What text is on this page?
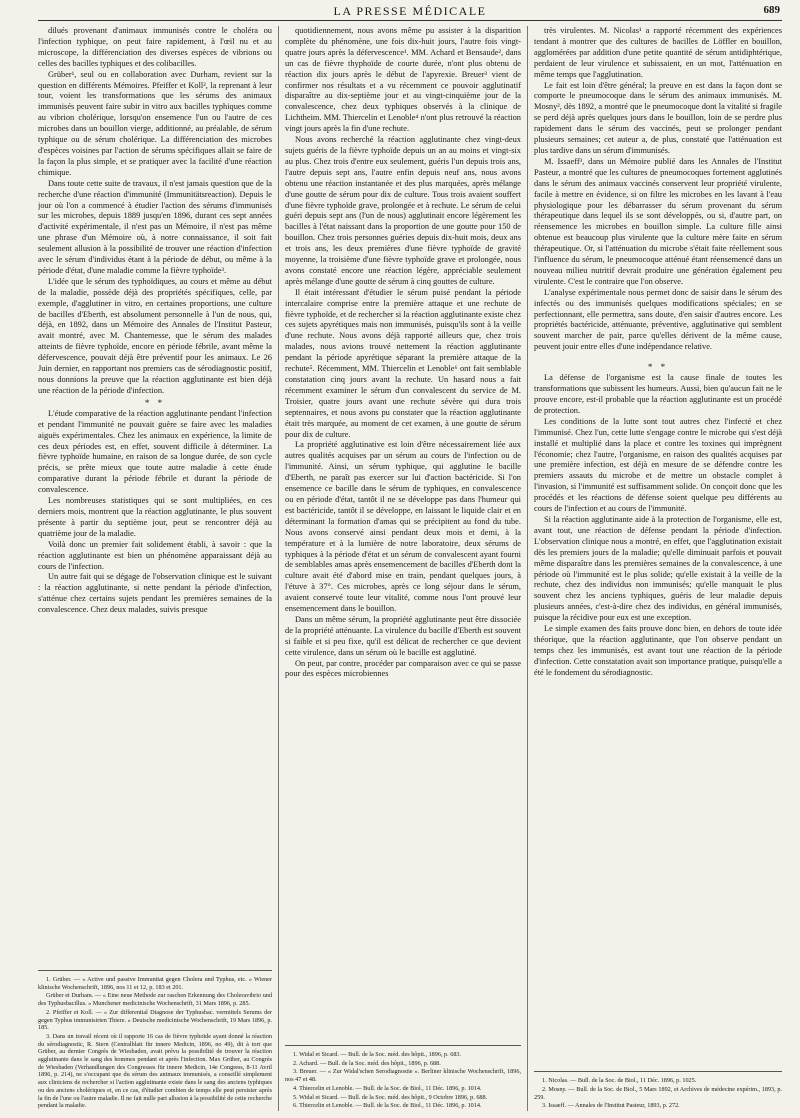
LA PRESSE MÉDICALE	689

dilués provenant d'animaux immunisés contre le choléra ou l'infection typhique, on peut faire rapidement, à l'œil nu et au microscope, la différenciation des diverses espèces de vibrions ou celles des bacilles typhiques et des colibacilles.

Grüber¹, seul ou en collaboration avec Durham, revient sur la question en différents Mémoires. Pfeiffer et Koll², la reprenant à leur tour, voient les transformations que les sérums des animaux immunisés peuvent faire subir in vitro aux bacilles typhiques comme au vibrion cholérique, lorsqu'on ensemence l'un ou l'autre de ces microbes dans un bouillon vierge, additionné, au préalable, de sérum typhique ou de sérum cholérique. La différenciation des microbes d'espèces voisines par l'action de sérums spécifiques allait se faire de la façon la plus simple, et se pratiquer avec la facilité d'une réaction chimique.

Dans toute cette suite de travaux, il n'est jamais question que de la recherche d'une réaction d'immunité (Immunitätsreaction). Depuis le jour où l'on a commencé à étudier l'action des sérums d'immunisés sur les microbes, depuis 1889 jusqu'en 1896, durant ces sept années d'activité expérimentale, il n'est pas un Mémoire, il n'est pas même une phrase d'un Mémoire où, à notre connaissance, il soit fait seulement allusion à la possibilité de trouver une réaction d'infection avec le sérum d'individus étant à la période de début, ou même à la période d'état, d'une maladie comme la fièvre typhoïde³.

L'idée que le sérum des typhoïdiques, au cours et même au début de la maladie, possède déjà des propriétés spécifiques, celle, par exemple, d'agglutiner in vitro, en certaines proportions, une culture de bacilles d'Eberth, est absolument personnelle à l'un de nous, qui, déjà, en 1892, dans un Mémoire des Annales de l'Institut Pasteur, avait montré, avec M. Chantemesse, que le sérum des malades atteints de fièvre typhoïde, encore en période fébrile, avant même la défervescence, pouvait déjà être préventif pour les animaux. Le 26 Juin dernier, en rapportant nos premiers cas de sérodiagnostic positif, nous donnions la preuve que la réaction agglutinante est bien déjà une réaction de la période d'infection.

* *

L'étude comparative de la réaction agglutinante pendant l'infection et pendant l'immunité ne pouvait guère se faire avec les maladies aiguës expérimentales. Chez les animaux en expérience, la limite de ces deux périodes est, en effet, souvent difficile à déterminer. La fièvre typhoïde humaine, en raison de sa longue durée, de son cycle précis, se prête mieux que toute autre maladie à cette étude comparative durant la période fébrile et durant la période de convalescence.

Les nombreuses statistiques qui se sont multipliées, en ces derniers mois, montrent que la réaction agglutinante, le plus souvent présente à partir du septième jour, peut se rencontrer déjà au quatrième jour de la maladie.

Voilà donc un premier fait solidement établi, à savoir : que la réaction agglutinante est bien un phénomène apparaissant déjà au cours de l'infection.

Un autre fait qui se dégage de l'observation clinique est le suivant : la réaction agglutinante, si nette pendant la période d'infection, s'atténue chez certains sujets pendant les premières semaines de la convalescence. Chez deux malades, suivis presque

1. Grüber. — « Active und passive Immunitat gegen Cholera und Typhus, etc. » Wiener klinische Wochenschrift, 1896, nos 11 et 12, p. 183 et 201.

Grüber et Durham. — « Eine neue Methode zur raschen Erkennung des Choleravibrio und des Typhusbacillus. » Munchener medicinische Wochenschrift, 31 Mars 1896, p. 285.

2. Pfeiffer et Koll. — « Zur differential Diagnose der Typhusbac. vermittels Serums der gegen Typhus immunisirten Thiere. » Deutsche medicinische Wochenschrift, 19 Mars 1896, p. 185.

3. Dans un travail récent où il rapporte 16 cas de fièvre typhoïde ayant donné la réaction du sérodiagnostic, R. Stern (Centralblatt für innere Medicin, 1896, no 49), dit à tort que Grüber, au dernier Congrès de Wiesbaden, avait prévu la possibilité de trouver la réaction agglutinante dans le sang des hommes pendant et après l'infection. Max Grüber, au Congrès de Wiesbaden (Verhandlungen des Congresses für innere Medicin, 14e Congress, 8-11 Avril 1896, p. 214), ne s'occupant que du sérum des animaux immunisés, a conseillé simplement aux cliniciens de rechercher si l'action agglutinante existe dans le sang des anciens typhiques ou des anciens cholériques et, en ce cas, d'étudier combien de temps elle peut persister après la fin de l'une ou l'autre maladie. Il ne fait nulle part allusion à la possibilité de cette recherche pendant la maladie.

quotidiennement, nous avons même pu assister à la disparition complète du phénomène, une fois dix-huit jours, l'autre fois vingt-quatre jours après la défervescence¹. MM. Achard et Bensaude², dans un cas de fièvre thyphoïde de courte durée, n'ont plus obtenu de réaction dix jours après le début de l'apyrexie. Breuer³ vient de confirmer nos résultats et a vu récemment ce pouvoir agglutinatif disparaître au dix-septième jour et au vingt-cinquième jour de la convalescence, chez deux typhiques observés à la clinique de Lichtheim. MM. Thiercelin et Lenoble⁴ n'ont plus retrouvé la réaction vingt jours après la fin d'une rechute.

Nous avons recherché la réaction agglutinante chez vingt-deux sujets guéris de la fièvre typhoïde depuis un an au moins et vingt-six au plus. Chez trois d'entre eux seulement, guéris l'un depuis trois ans, l'autre depuis sept ans, l'autre enfin depuis neuf ans, nous avons obtenu une réaction instantanée et des plus marquées, après mélange d'une goutte de sérum pour dix de culture. Tous trois avaient souffert d'une fièvre typhoïde grave, prolongée et à rechute. Le sérum de celui guéri depuis sept ans (l'un de nous) agglutinait encore légèrement les bacilles à l'état naissant dans la proportion de une goutte pour 150 de bouillon. Chez trois personnes guéries depuis dix-huit mois, deux ans et trois ans, les deux premières d'une fièvre typhoïde de gravité moyenne, la troisième d'une fièvre typhoïde grave et prolongée, nous avons constaté encore une réaction légère, appréciable seulement après mélange d'une goutte de sérum à cinq gouttes de culture.

Il était intéressant d'étudier le sérum puisé pendant la période intercalaire comprise entre la première attaque et une rechute de fièvre typhoïde, et de rechercher si la réaction agglutinante existe chez ces sujets apyrétiques mais non immunisés, puisqu'ils sont à la veille d'une rechute. Nous avons déjà rapporté ailleurs que, chez trois malades, nous avions trouvé nettement la réaction agglutinante pendant la période apyrétique séparant la première attaque de la rechute⁵. Récemment, MM. Thiercelin et Lenoble⁶ ont fait semblable constatation cinq jours avant la rechute. Un hasard nous a fait récemment examiner le sérum d'un convalescent du service de M. Troisier, quatre jours avant une rechute sévère qui dura trois septennaires, et nous avons pu constater que la réaction agglutinante était très marquée, au moment de cet examen, à une goutte de sérum pour dix de culture.

La propriété agglutinative est loin d'être nécessairement liée aux autres qualités acquises par un sérum au cours de l'infection ou de l'immunité. Ainsi, un sérum typhique, qui agglutine le bacille d'Eberth, ne paraît pas exercer sur lui d'action bactéricide. Si l'on ensemence ce bacille dans le sérum de typhiques, en convalescence ou en période d'état, tantôt il ne se développe pas dans l'humeur qui est bactéricide, tantôt il se développe, en laissant le liquide clair et en déterminant la formation d'amas qui se précipitent au fond du tube. Nous avons conservé ainsi pendant deux mois et demi, à la température et à la lumière de notre laboratoire, deux sérums de typhiques à la période d'état et un sérum de convalescent ayant fourni de semblables amas après ensemencement de bacilles d'Eberth dont la culture avait été d'abord mise en train, pendant quelques jours, à l'étuve à 37°. Ces microbes, après ce long séjour dans le sérum, avaient conservé toute leur vitalité, comme nous l'ont prouvé leur ensemencement dans le bouillon.

Dans un même sérum, la propriété agglutinante peut être dissociée de la propriété atténuante. La virulence du bacille d'Eberth est souvent si faible et si peu fixe, qu'il est délicat de rechercher ce que devient cette virulence, dans un sérum où le bacille est agglutiné.

On peut, par contre, procéder par comparaison avec ce qui se passe pour des espèces microbiennes

1. Widal et Sicard. — Bull. de la Soc. méd. des hôpit., 1896, p. 683.

2. Achard. — Bull. de la Soc. méd. des hôpit., 1896, p. 688.

3. Breuer. — « Zur Widal'schen Serodiagnostie ». Berliner klinische Wochenschrift, 1896, nos 47 et 48.

4. Thiercelin et Lenoble. — Bull. de la Soc. de Biol., 11 Déc. 1896, p. 1014.

5. Widal et Sicard. — Bull. de la Soc. méd. des hôpit., 9 Octobre 1896, p. 688.

6. Thiercelin et Lenoble. — Bull. de la Soc. de Biol., 11 Déc. 1896, p. 1014.

très virulentes. M. Nicolas¹ a rapporté récemment des expériences tendant à montrer que des cultures de bacilles de Löffler en bouillon, agglomérées par addition d'une petite quantité de sérum antidiphtérique, perdaient de leur virulence et subissaient, en un mot, l'atténuation en même temps que l'agglutination.

Le fait est loin d'être général; la preuve en est dans la façon dont se comporte le pneumocoque dans le sérum des animaux immunisés. M. Mosny², dès 1892, a montré que le pneumocoque dont la vitalité si fragile se perd déjà après quelques jours dans le bouillon, loin de se perdre plus rapidement dans le sérum des vaccinés, peut se prolonger pendant plusieurs semaines; cet auteur a, de plus, constaté que l'atténuation est plus tardive dans un sérum d'immunisés.

M. Issaeff³, dans un Mémoire publié dans les Annales de l'Institut Pasteur, a montré que les cultures de pneumocoques fortement agglutinés dans le sérum des animaux vaccinés conservent leur propriété virulente, facile à mettre en évidence, si on filtre les microbes en les lavant à l'eau physiologique pour les débarrasser du sérum provenant du sérum thérapeutique dans lequel ils se sont développés, ou si, d'autre part, on réensemence les microbes en bouillon simple. La culture fille ainsi obtenue est beaucoup plus virulente que la culture mère faite en sérum thérapeutique. Or, si l'atténuation du microbe s'était faite réellement sous l'influence du sérum, le pneumocoque atténué étant réensemencé dans un nouveau milieu nutritif devrait produire une génération également peu virulente. C'est le contraire que l'on observe.

L'analyse expérimentale nous permet donc de saisir dans le sérum des infectés ou des immunisés quelques modifications spéciales; en se perfectionnant, elle permettra, sans doute, d'en saisir d'autres encore. Les propriétés bactéricide, atténuante, préventive, agglutinative qui semblent souvent marcher de pair, parce qu'elles dérivent de la même cause, peuvent jouir entre elles d'une indépendance relative.

* *

La défense de l'organisme est la cause finale de toutes les transformations que subissent les humeurs. Aussi, bien qu'aucun fait ne le prouve encore, est-il probable que la réaction agglutinante est un procédé de protection.

Les conditions de la lutte sont tout autres chez l'infecté et chez l'immunisé. Chez l'un, cette lutte s'engage contre le microbe qui s'est déjà installé et multiplié dans la place et contre les toxines qui imprègnent l'économie; chez l'autre, l'organisme, en raison des qualités acquises par une première infection, est déjà en mesure de se défendre contre les premiers assauts du microbe et de mettre un obstacle complet à l'invasion, si l'immunité est suffisamment solide. On conçoit donc que les procédés et les réactions de défense soient quelque peu différents au cours de l'infection et au cours de l'immunité.

Si la réaction agglutinante aide à la protection de l'organisme, elle est, avant tout, une réaction de défense pendant la période d'infection. L'observation clinique nous a montré, en effet, que l'agglutination existait dès les premiers jours de la maladie; qu'elle diminuait parfois et pouvait même disparaître dans les premières semaines de la convalescence, à une période où l'immunité est le plus solide; qu'elle existait à la veille de la rechute, chez des individus non immunisés; qu'elle manquait le plus souvent chez les anciens typhiques, guéris de leur maladie depuis plusieurs années, c'est-à-dire chez des individus, en général immunisés, puisque la récidive pour eux est une exception.

Le simple examen des faits prouve donc bien, en dehors de toute idée théorique, que la réaction agglutinante, que l'on observe pendant un temps chez les immunisés, est avant tout une réaction de la période d'infection. Cette constatation avait son importance pratique, puisqu'elle a été le fondement du sérodiagnostic.

1. Nicolas. — Bull. de la Soc. de Biol., 11 Déc. 1896, p. 1025.

2. Mosny. — Bull. de la Soc. de Biol., 5 Mars 1892, et Archives de médecine expérim., 1893, p. 259.

3. Issaeff. — Annales de l'Institut Pasteur, 1893, p. 272.
